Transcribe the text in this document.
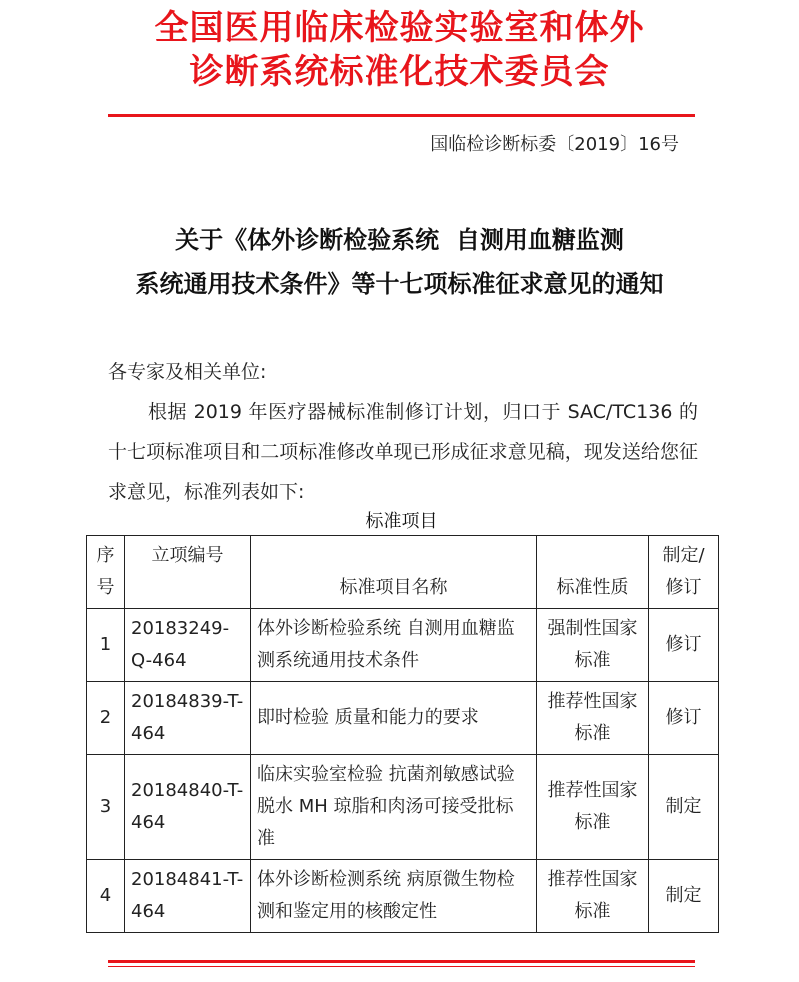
全国医用临床检验实验室和体外
诊断系统标准化技术委员会
国临检诊断标委〔2019〕16号
关于《体外诊断检验系统  自测用血糖监测
系统通用技术条件》等十七项标准征求意见的通知
各专家及相关单位:
根据 2019 年医疗器械标准制修订计划，归口于 SAC/TC136 的十七项标准项目和二项标准修改单现已形成征求意见稿，现发送给您征求意见，标准列表如下:
标准项目
序号	立项编号	标准项目名称	标准性质	制定/修订
1	20183249-Q-464	体外诊断检验系统 自测用血糖监测系统通用技术条件	强制性国家标准	修订
2	20184839-T-464	即时检验 质量和能力的要求	推荐性国家标准	修订
3	20184840-T-464	临床实验室检验 抗菌剂敏感试验脱水 MH 琼脂和肉汤可接受批标准	推荐性国家标准	制定
4	20184841-T-464	体外诊断检测系统 病原微生物检测和鉴定用的核酸定性	推荐性国家标准	制定
